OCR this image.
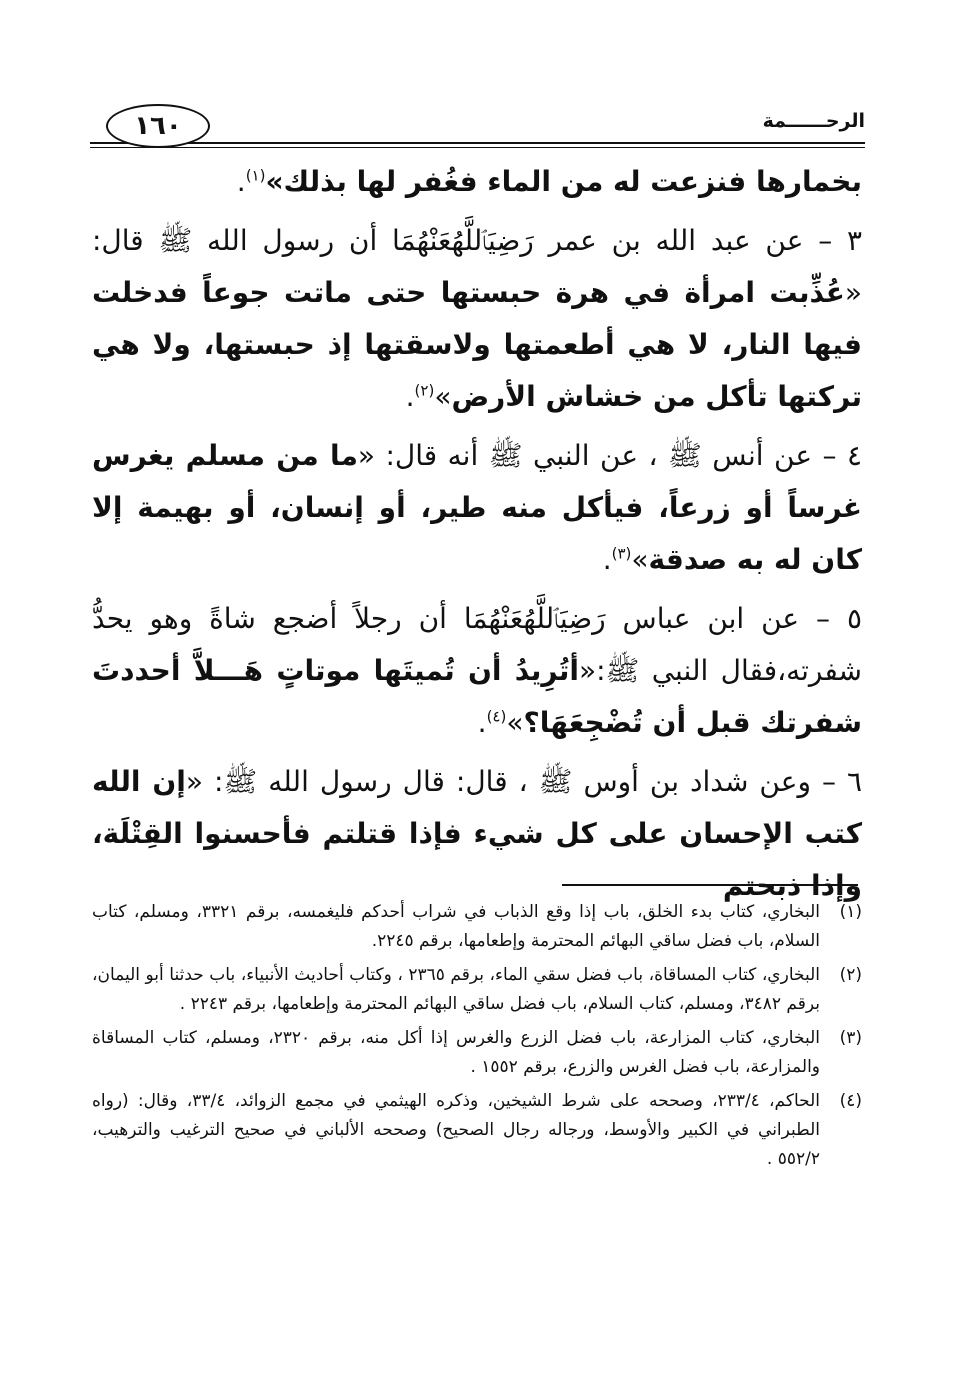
الرحــــــمة
١٦٠

بخمارها فنزعت له من الماء فغُفر لها بذلك»$^{(١)}$.

٣ – عن عبد الله بن عمر رَضِيَٱللَّهُعَنْهُمَا أن رسول الله ﷺ قال: «عُذِّبت امرأة في هرة حبستها حتى ماتت جوعاً فدخلت فيها النار، لا هي أطعمتها ولاسقتها إذ حبستها، ولا هي تركتها تأكل من خشاش الأرض»$^{(٢)}$.

٤ – عن أنس ﷺ ، عن النبي ﷺ أنه قال: «ما من مسلم يغرس غرساً أو زرعاً، فيأكل منه طير، أو إنسان، أو بهيمة إلا كان له به صدقة»$^{(٣)}$.

٥ – عن ابن عباس رَضِيَٱللَّهُعَنْهُمَا أن رجلاً أضجع شاةً وهو يحدُّ شفرته،فقال النبي ﷺ:«أتُرِيدُ أن تُميتَها موتاتٍ هَـــلاَّ أحددتَ شفرتك قبل أن تُضْجِعَهَا؟»$^{(٤)}$.

٦ – وعن شداد بن أوس ﷺ ، قال: قال رسول الله ﷺ: «إن الله كتب الإحسان على كل شيء فإذا قتلتم فأحسنوا القِتْلَة، وإذا ذبحتم

(١)
البخاري، كتاب بدء الخلق، باب إذا وقع الذباب في شراب أحدكم فليغمسه، برقم ٣٣٢١، ومسلم، كتاب السلام، باب فضل ساقي البهائم المحترمة وإطعامها، برقم ٢٢٤٥.
(٢)
البخاري، كتاب المساقاة، باب فضل سقي الماء، برقم ٢٣٦٥ ، وكتاب أحاديث الأنبياء، باب حدثنا أبو اليمان، برقم ٣٤٨٢، ومسلم، كتاب السلام، باب فضل ساقي البهائم المحترمة وإطعامها، برقم ٢٢٤٣ .
(٣)
البخاري، كتاب المزارعة، باب فضل الزرع والغرس إذا أكل منه، برقم ٢٣٢٠، ومسلم، كتاب المساقاة والمزارعة، باب فضل الغرس والزرع، برقم ١٥٥٢ .
(٤)
الحاكم، ٢٣٣/٤، وصححه على شرط الشيخين، وذكره الهيثمي في مجمع الزوائد، ٣٣/٤، وقال: (رواه الطبراني في الكبير والأوسط، ورجاله رجال الصحيح) وصححه الألباني في صحيح الترغيب والترهيب، ٥٥٢/٢ .
